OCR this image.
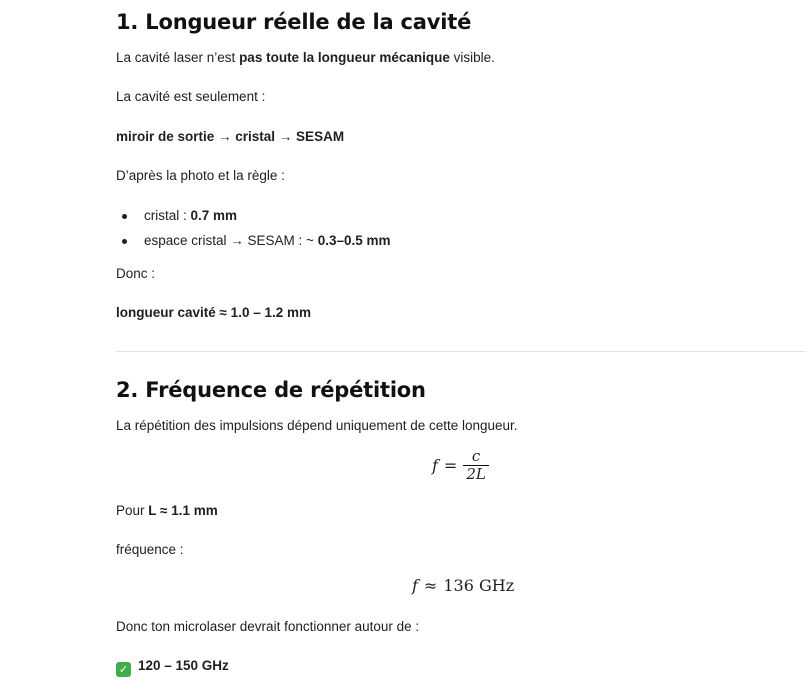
1. Longueur réelle de la cavité

La cavité laser n’est pas toute la longueur mécanique visible.

La cavité est seulement :

miroir de sortie → cristal → SESAM

D’après la photo et la règle :

cristal : 0.7 mm
espace cristal → SESAM : ~ 0.3–0.5 mm

Donc :

longueur cavité ≈ 1.0 – 1.2 mm

2. Fréquence de répétition

La répétition des impulsions dépend uniquement de cette longueur.

$f = \frac{c}{2L}$

Pour L ≈ 1.1 mm

fréquence :

f ≈ 136 GHz

Donc ton microlaser devrait fonctionner autour de :

✓ 120 – 150 GHz
